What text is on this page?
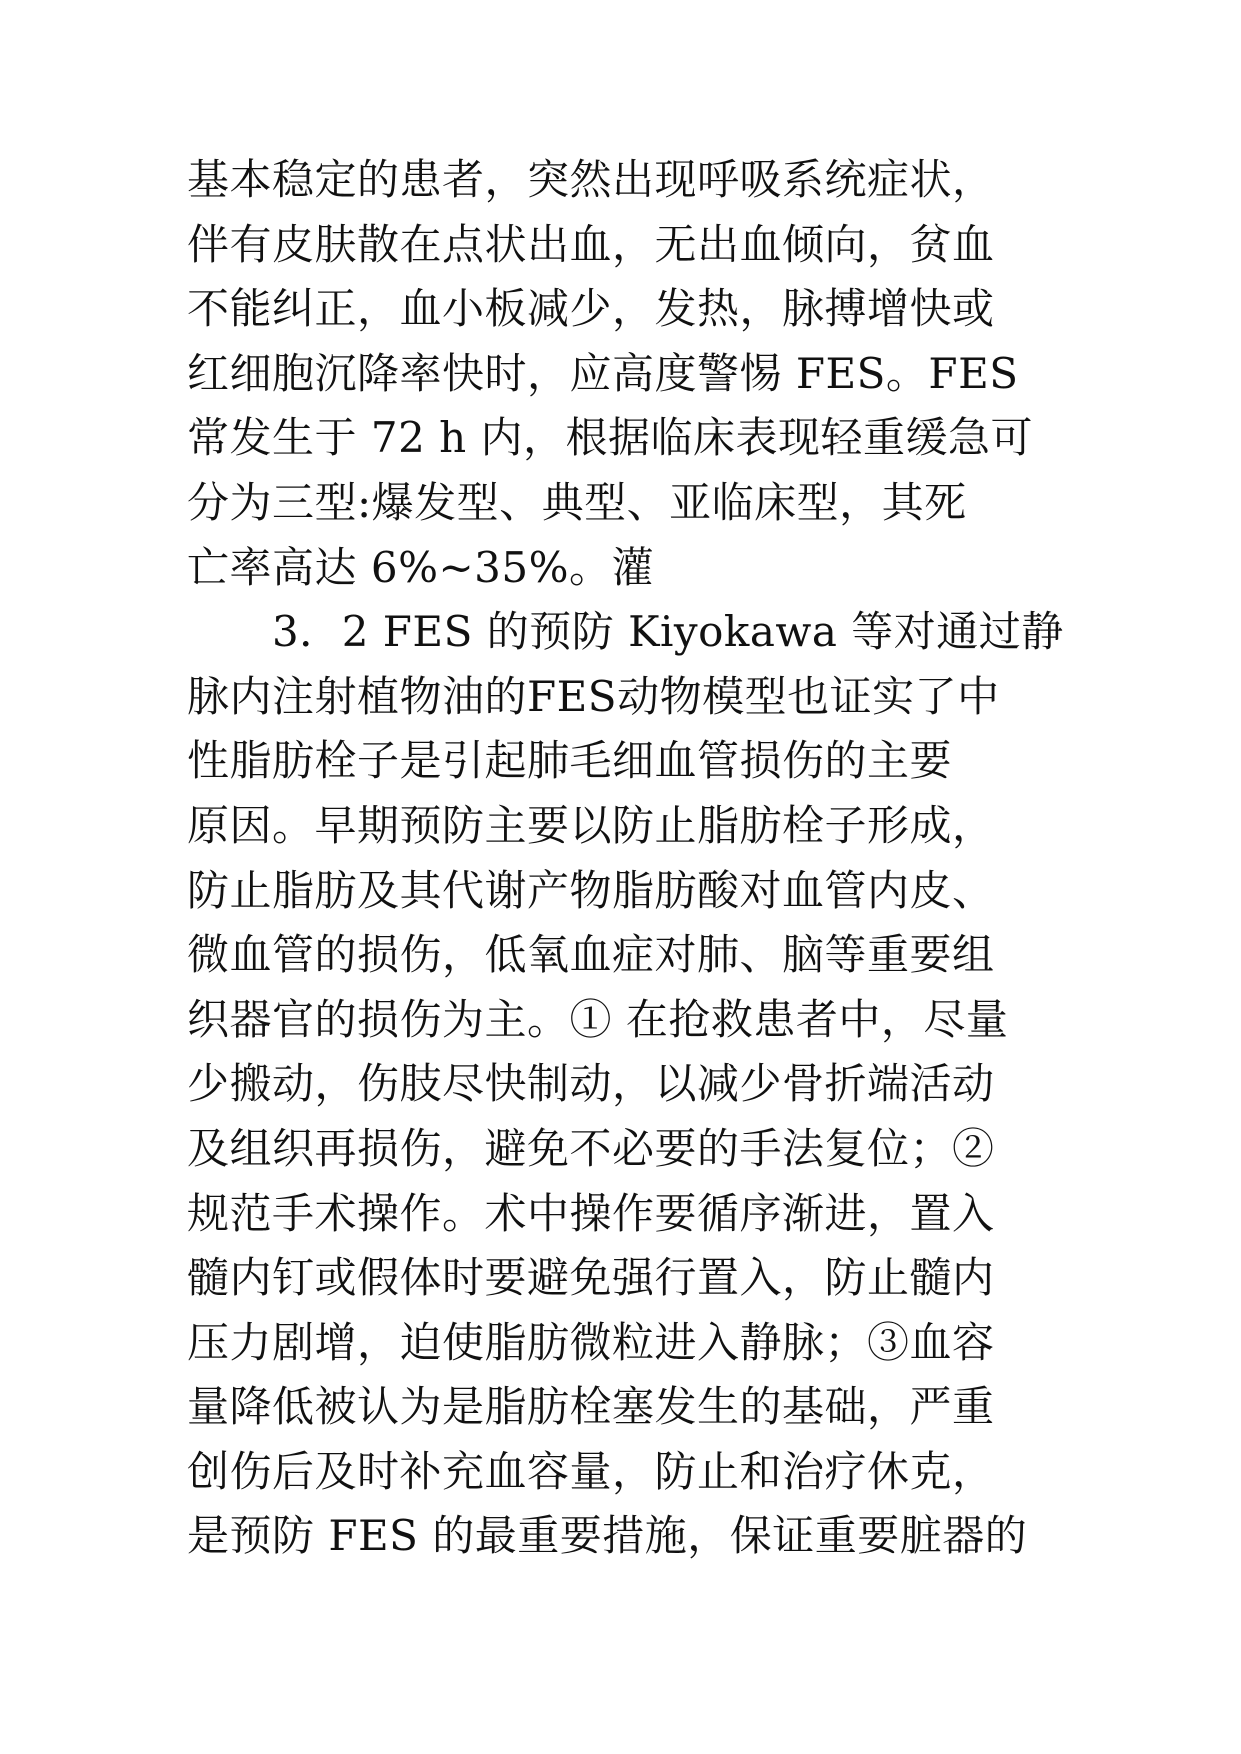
基本稳定的患者，突然出现呼吸系统症状，
伴有皮肤散在点状出血，无出血倾向，贫血
不能纠正，血小板减少，发热，脉搏增快或
红细胞沉降率快时，应高度警惕 FES。FES
常发生于 72 h 内，根据临床表现轻重缓急可
分为三型:爆发型、典型、亚临床型，其死
亡率高达 6%~35%。灌
　　3．2 FES 的预防 Kiyokawa 等对通过静
脉内注射植物油的FES动物模型也证实了中
性脂肪栓子是引起肺毛细血管损伤的主要
原因。早期预防主要以防止脂肪栓子形成，
防止脂肪及其代谢产物脂肪酸对血管内皮、
微血管的损伤，低氧血症对肺、脑等重要组
织器官的损伤为主。① 在抢救患者中，尽量
少搬动，伤肢尽快制动，以减少骨折端活动
及组织再损伤，避免不必要的手法复位；②
规范手术操作。术中操作要循序渐进，置入
髓内钉或假体时要避免强行置入，防止髓内
压力剧增，迫使脂肪微粒进入静脉；③血容
量降低被认为是脂肪栓塞发生的基础，严重
创伤后及时补充血容量，防止和治疗休克，
是预防 FES 的最重要措施，保证重要脏器的
